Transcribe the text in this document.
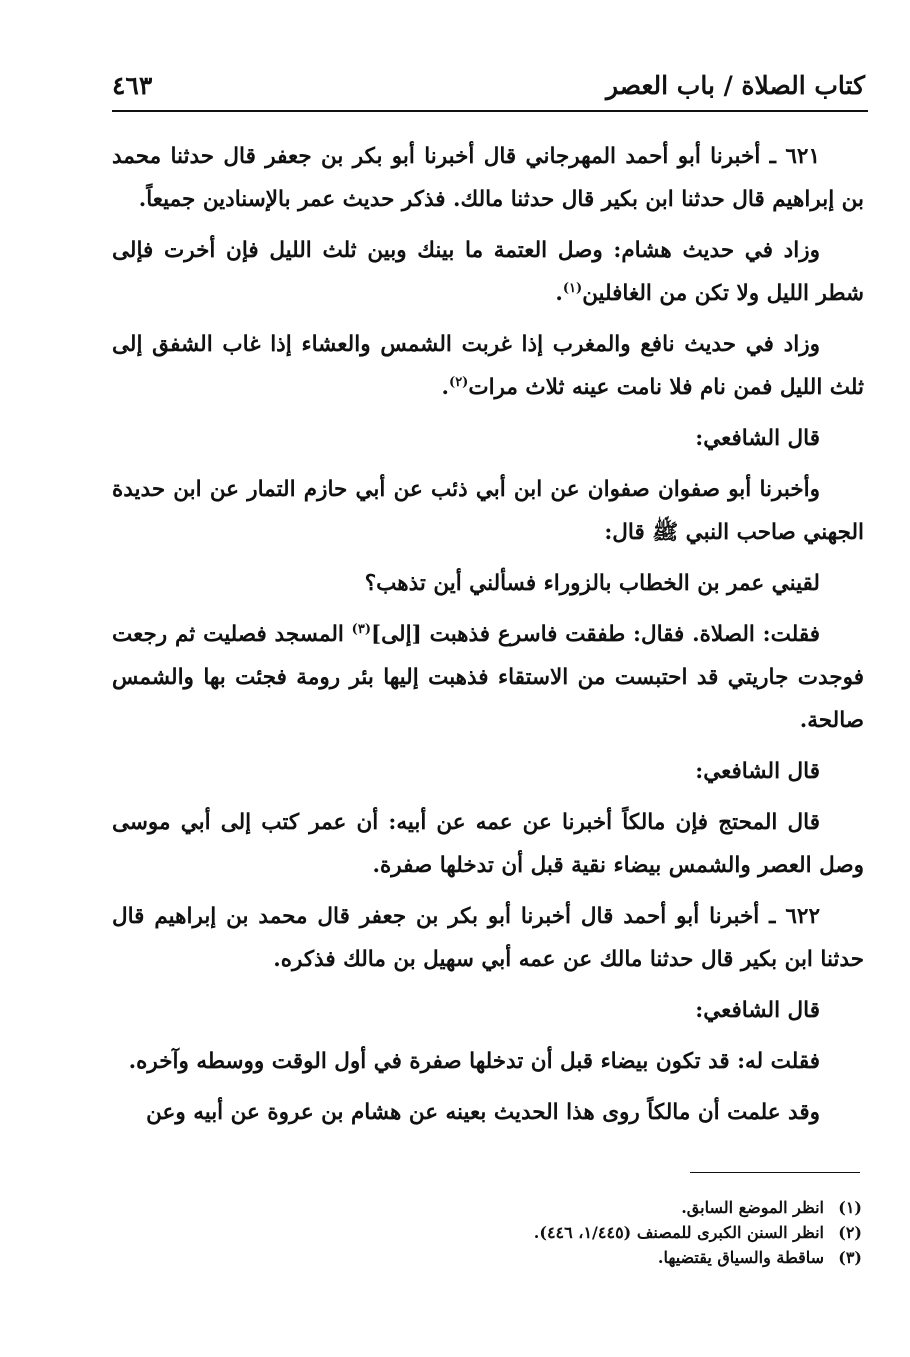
كتاب الصلاة / باب العصر
٤٦٣

٦٢١ ـ أخبرنا أبو أحمد المهرجاني قال أخبرنا أبو بكر بن جعفر قال حدثنا محمد بن إبراهيم قال حدثنا ابن بكير قال حدثنا مالك. فذكر حديث عمر بالإسنادين جميعاً.

وزاد في حديث هشام: وصل العتمة ما بينك وبين ثلث الليل فإن أخرت فإلى شطر الليل ولا تكن من الغافلين$^{(١)}$.

وزاد في حديث نافع والمغرب إذا غربت الشمس والعشاء إذا غاب الشفق إلى ثلث الليل فمن نام فلا نامت عينه ثلاث مرات$^{(٢)}$.

قال الشافعي:

وأخبرنا أبو صفوان صفوان عن ابن أبي ذئب عن أبي حازم التمار عن ابن حديدة الجهني صاحب النبي ﷺ قال:

لقيني عمر بن الخطاب بالزوراء فسألني أين تذهب؟

فقلت: الصلاة. فقال: طفقت فاسرع فذهبت [إلى]$^{(٣)}$ المسجد فصليت ثم رجعت فوجدت جاريتي قد احتبست من الاستقاء فذهبت إليها بئر رومة فجئت بها والشمس صالحة.

قال الشافعي:

قال المحتج فإن مالكاً أخبرنا عن عمه عن أبيه: أن عمر كتب إلى أبي موسى وصل العصر والشمس بيضاء نقية قبل أن تدخلها صفرة.

٦٢٢ ـ أخبرنا أبو أحمد قال أخبرنا أبو بكر بن جعفر قال محمد بن إبراهيم قال حدثنا ابن بكير قال حدثنا مالك عن عمه أبي سهيل بن مالك فذكره.

قال الشافعي:

فقلت له: قد تكون بيضاء قبل أن تدخلها صفرة في أول الوقت ووسطه وآخره.

وقد علمت أن مالكاً روى هذا الحديث بعينه عن هشام بن عروة عن أبيه وعن

(١)
انظر الموضع السابق.
(٢)
انظر السنن الكبرى للمصنف (١/٤٤٥، ٤٤٦).
(٣)
ساقطة والسياق يقتضيها.
